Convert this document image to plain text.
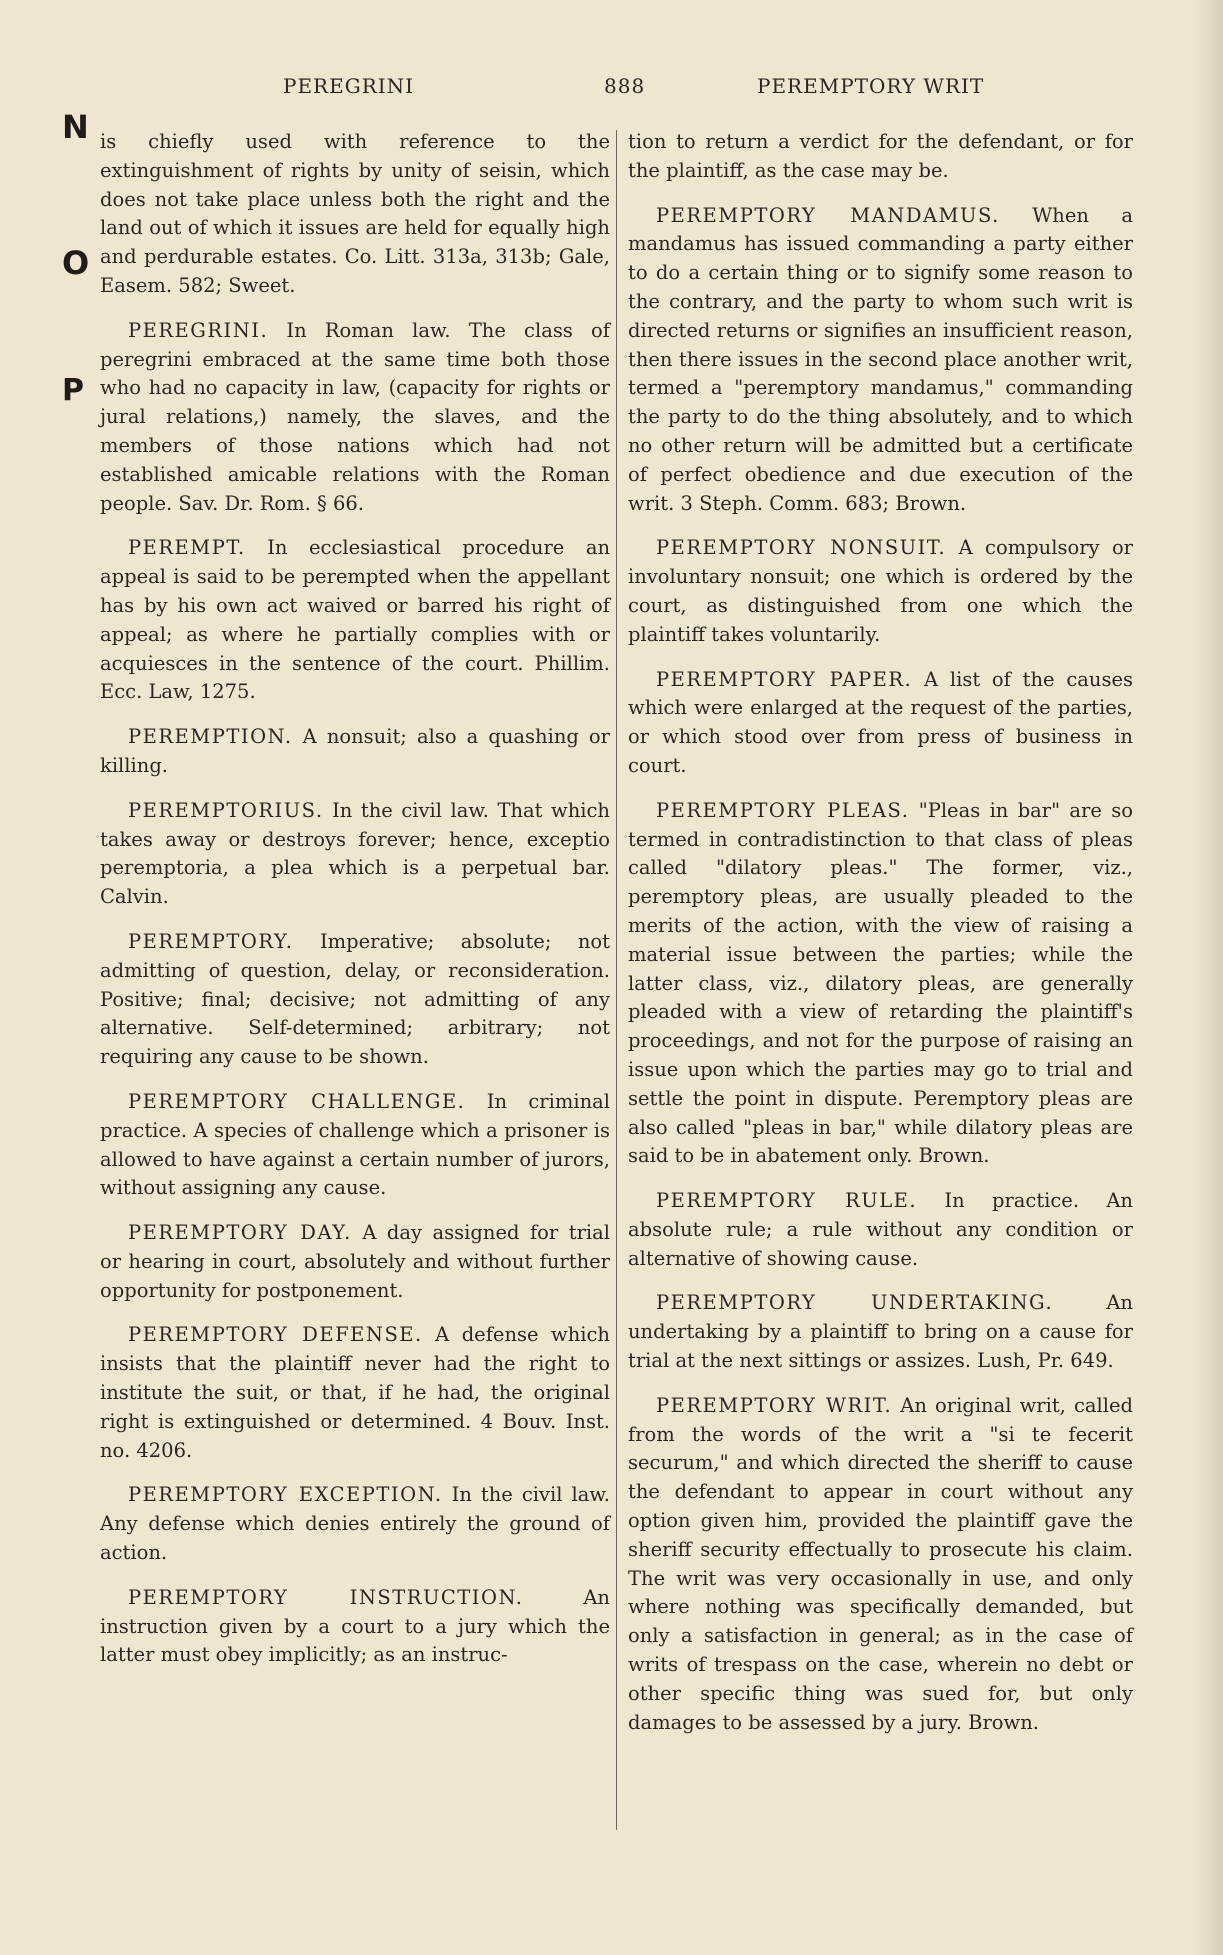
PEREGRINI	888	PEREMPTORY WRIT
N
O
P

is chiefly used with reference to the extinguishment of rights by unity of seisin, which does not take place unless both the right and the land out of which it issues are held for equally high and perdurable estates. Co. Litt. 313a, 313b; Gale, Easem. 582; Sweet.

PEREGRINI. In Roman law. The class of peregrini embraced at the same time both those who had no capacity in law, (capacity for rights or jural relations,) namely, the slaves, and the members of those nations which had not established amicable relations with the Roman people. Sav. Dr. Rom. § 66.

PEREMPT. In ecclesiastical procedure an appeal is said to be perempted when the appellant has by his own act waived or barred his right of appeal; as where he partially complies with or acquiesces in the sentence of the court. Phillim. Ecc. Law, 1275.

PEREMPTION. A nonsuit; also a quashing or killing.

PEREMPTORIUS. In the civil law. That which takes away or destroys forever; hence, exceptio peremptoria, a plea which is a perpetual bar. Calvin.

PEREMPTORY. Imperative; absolute; not admitting of question, delay, or reconsideration. Positive; final; decisive; not admitting of any alternative. Self-determined; arbitrary; not requiring any cause to be shown.

PEREMPTORY CHALLENGE. In criminal practice. A species of challenge which a prisoner is allowed to have against a certain number of jurors, without assigning any cause.

PEREMPTORY DAY. A day assigned for trial or hearing in court, absolutely and without further opportunity for postponement.

PEREMPTORY DEFENSE. A defense which insists that the plaintiff never had the right to institute the suit, or that, if he had, the original right is extinguished or determined. 4 Bouv. Inst. no. 4206.

PEREMPTORY EXCEPTION. In the civil law. Any defense which denies entirely the ground of action.

PEREMPTORY INSTRUCTION.	An instruction given by a court to a jury which the latter must obey implicitly; as an instruc-

tion to return a verdict for the defendant, or for the plaintiff, as the case may be.

PEREMPTORY MANDAMUS. When a mandamus has issued commanding a party either to do a certain thing or to signify some reason to the contrary, and the party to whom such writ is directed returns or signifies an insufficient reason, then there issues in the second place another writ, termed a "peremptory mandamus," commanding the party to do the thing absolutely, and to which no other return will be admitted but a certificate of perfect obedience and due execution of the writ. 3 Steph. Comm. 683; Brown.

PEREMPTORY NONSUIT. A compulsory or involuntary nonsuit; one which is ordered by the court, as distinguished from one which the plaintiff takes voluntarily.

PEREMPTORY PAPER. A list of the causes which were enlarged at the request of the parties, or which stood over from press of business in court.

PEREMPTORY PLEAS. "Pleas in bar" are so termed in contradistinction to that class of pleas called "dilatory pleas." The former, viz., peremptory pleas, are usually pleaded to the merits of the action, with the view of raising a material issue between the parties; while the latter class, viz., dilatory pleas, are generally pleaded with a view of retarding the plaintiff's proceedings, and not for the purpose of raising an issue upon which the parties may go to trial and settle the point in dispute. Peremptory pleas are also called "pleas in bar," while dilatory pleas are said to be in abatement only. Brown.

PEREMPTORY RULE. In practice. An absolute rule; a rule without any condition or alternative of showing cause.

PEREMPTORY UNDERTAKING.	An undertaking by a plaintiff to bring on a cause for trial at the next sittings or assizes. Lush, Pr. 649.

PEREMPTORY WRIT. An original writ, called from the words of the writ a "si te fecerit securum," and which directed the sheriff to cause the defendant to appear in court without any option given him, provided the plaintiff gave the sheriff security effectually to prosecute his claim. The writ was very occasionally in use, and only where nothing was specifically demanded, but only a satisfaction in general; as in the case of writs of trespass on the case, wherein no debt or other specific thing was sued for, but only damages to be assessed by a jury. Brown.
